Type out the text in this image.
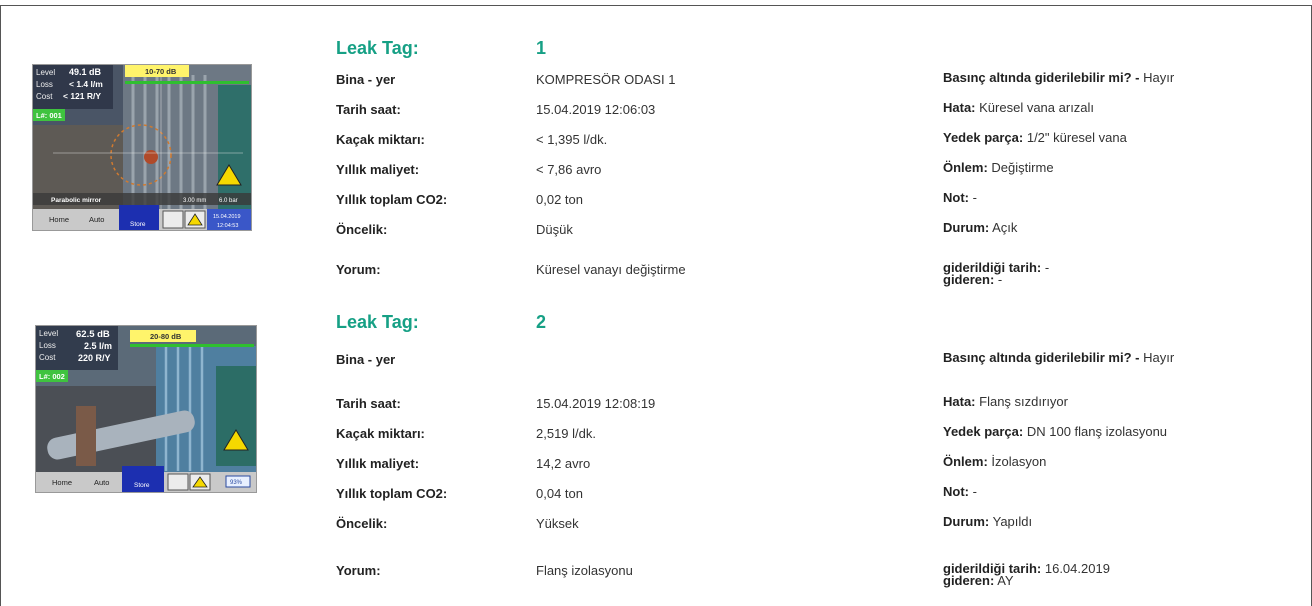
Level
Loss
Cost
49.1 dB
< 1.4 l/m
< 121 R/Y
L#: 001
10-70 dB
Parabolic mirror	3.00 mm 6.0 bar
Home	Auto
Store
15.04.2019
12:04:53
Leak Tag:	1
Bina - yer	KOMPRESÖR ODASI 1
Tarih saat:	15.04.2019 12:06:03
Kaçak miktarı:	< 1,395 l/dk.
Yıllık maliyet:	< 7,86 avro
Yıllık toplam CO2:	0,02 ton
Öncelik:	Düşük
Yorum:	Küresel vanayı değiştirme
Basınç altında giderilebilir mi? - Hayır
Hata: Küresel vana arızalı
Yedek parça: 1/2" küresel vana
Önlem: Değiştirme
Not: -
Durum: Açık
giderildiği tarih: -
gideren: -
Level
Loss
Cost
62.5 dB
2.5 l/m
220 R/Y
L#: 002
20-80 dB
Home	Auto	Store	93%
Leak Tag:	2
Bina - yer
Tarih saat:	15.04.2019 12:08:19
Kaçak miktarı:	2,519 l/dk.
Yıllık maliyet:	14,2 avro
Yıllık toplam CO2:	0,04 ton
Öncelik:	Yüksek
Yorum:	Flanş izolasyonu
Basınç altında giderilebilir mi? - Hayır
Hata: Flanş sızdırıyor
Yedek parça: DN 100 flanş izolasyonu
Önlem: İzolasyon
Not: -
Durum: Yapıldı
giderildiği tarih: 16.04.2019
gideren: AY
